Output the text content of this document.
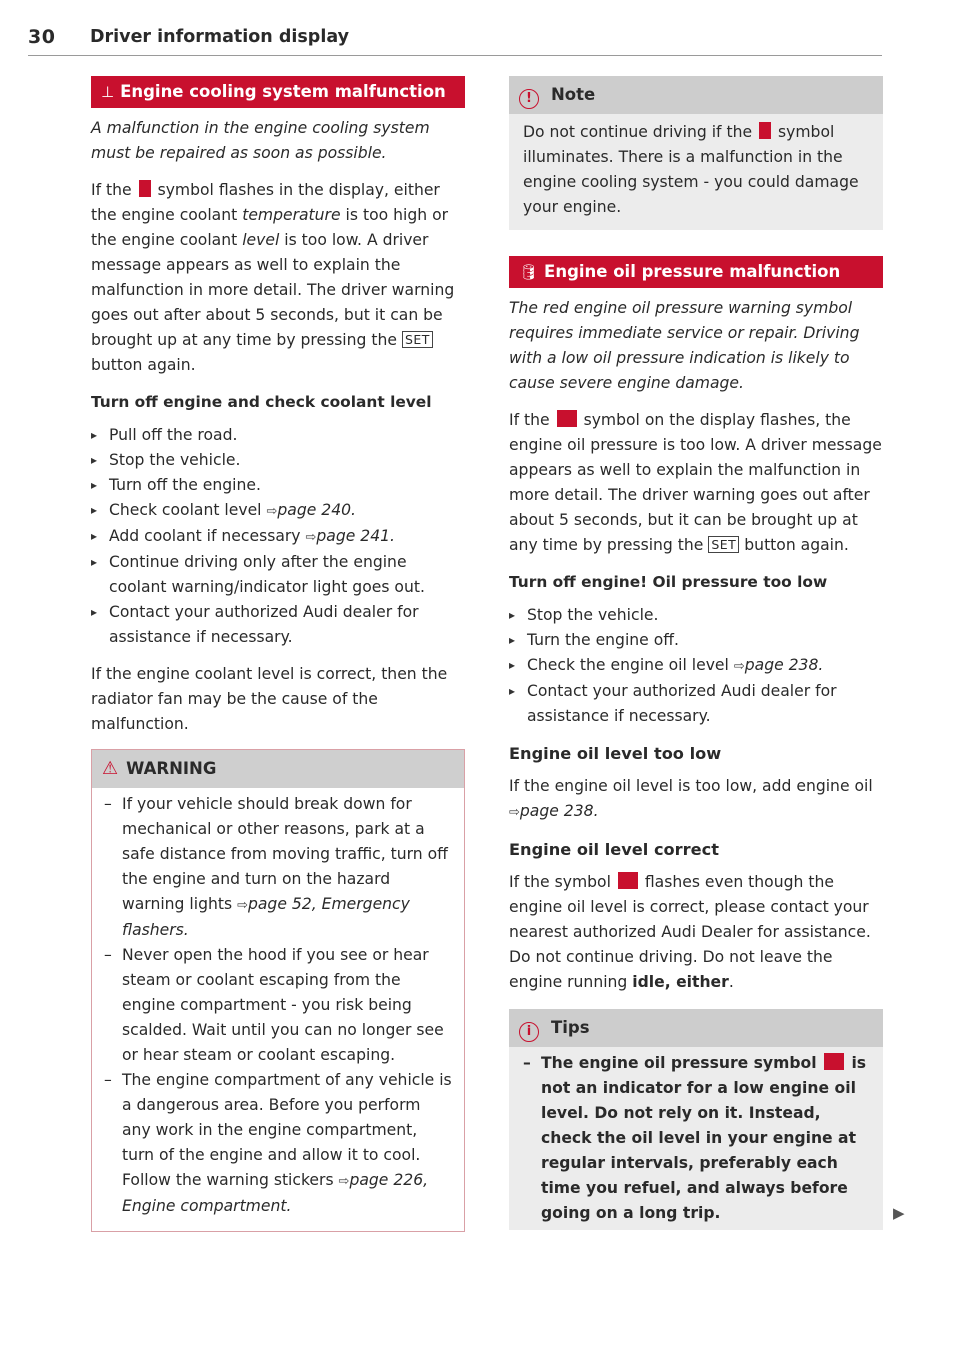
30 Driver information display
⊥ Engine cooling system malfunction

A malfunction in the engine cooling system must be repaired as soon as possible.

If the symbol flashes in the display, either the engine coolant temperature is too high or the engine coolant level is too low. A driver message appears as well to explain the malfunction in more detail. The driver warning goes out after about 5 seconds, but it can be brought up at any time by pressing the SET button again.

Turn off engine and check coolant level
▸ Pull off the road.
▸ Stop the vehicle.
▸ Turn off the engine.
▸ Check coolant level ⇨page 240.
▸ Add coolant if necessary ⇨page 241.
▸ Continue driving only after the engine coolant warning/indicator light goes out.
▸ Contact your authorized Audi dealer for assistance if necessary.

If the engine coolant level is correct, then the radiator fan may be the cause of the malfunction.

⚠ WARNING
– If your vehicle should break down for mechanical or other reasons, park at a safe distance from moving traffic, turn off the engine and turn on the hazard warning lights ⇨page 52, Emergency flashers.
– Never open the hood if you see or hear steam or coolant escaping from the engine compartment - you risk being scalded. Wait until you can no longer see or hear steam or coolant escaping.
– The engine compartment of any vehicle is a dangerous area. Before you perform any work in the engine compartment, turn of the engine and allow it to cool. Follow the warning stickers ⇨page 226, Engine compartment.
! Note
Do not continue driving if the symbol illuminates. There is a malfunction in the engine cooling system - you could damage your engine.
🛢 Engine oil pressure malfunction

The red engine oil pressure warning symbol requires immediate service or repair. Driving with a low oil pressure indication is likely to cause severe engine damage.

If the symbol on the display flashes, the engine oil pressure is too low. A driver message appears as well to explain the malfunction in more detail. The driver warning goes out after about 5 seconds, but it can be brought up at any time by pressing the SET button again.

Turn off engine! Oil pressure too low
▸ Stop the vehicle.
▸ Turn the engine off.
▸ Check the engine oil level ⇨page 238.
▸ Contact your authorized Audi dealer for assistance if necessary.
Engine oil level too low

If the engine oil level is too low, add engine oil ⇨page 238.

Engine oil level correct

If the symbol flashes even though the engine oil level is correct, please contact your nearest authorized Audi Dealer for assistance. Do not continue driving. Do not leave the engine running idle, either.

i Tips
– The engine oil pressure symbol is not an indicator for a low engine oil level. Do not rely on it. Instead, check the oil level in your engine at regular intervals, preferably each time you refuel, and always before going on a long trip.	▶
